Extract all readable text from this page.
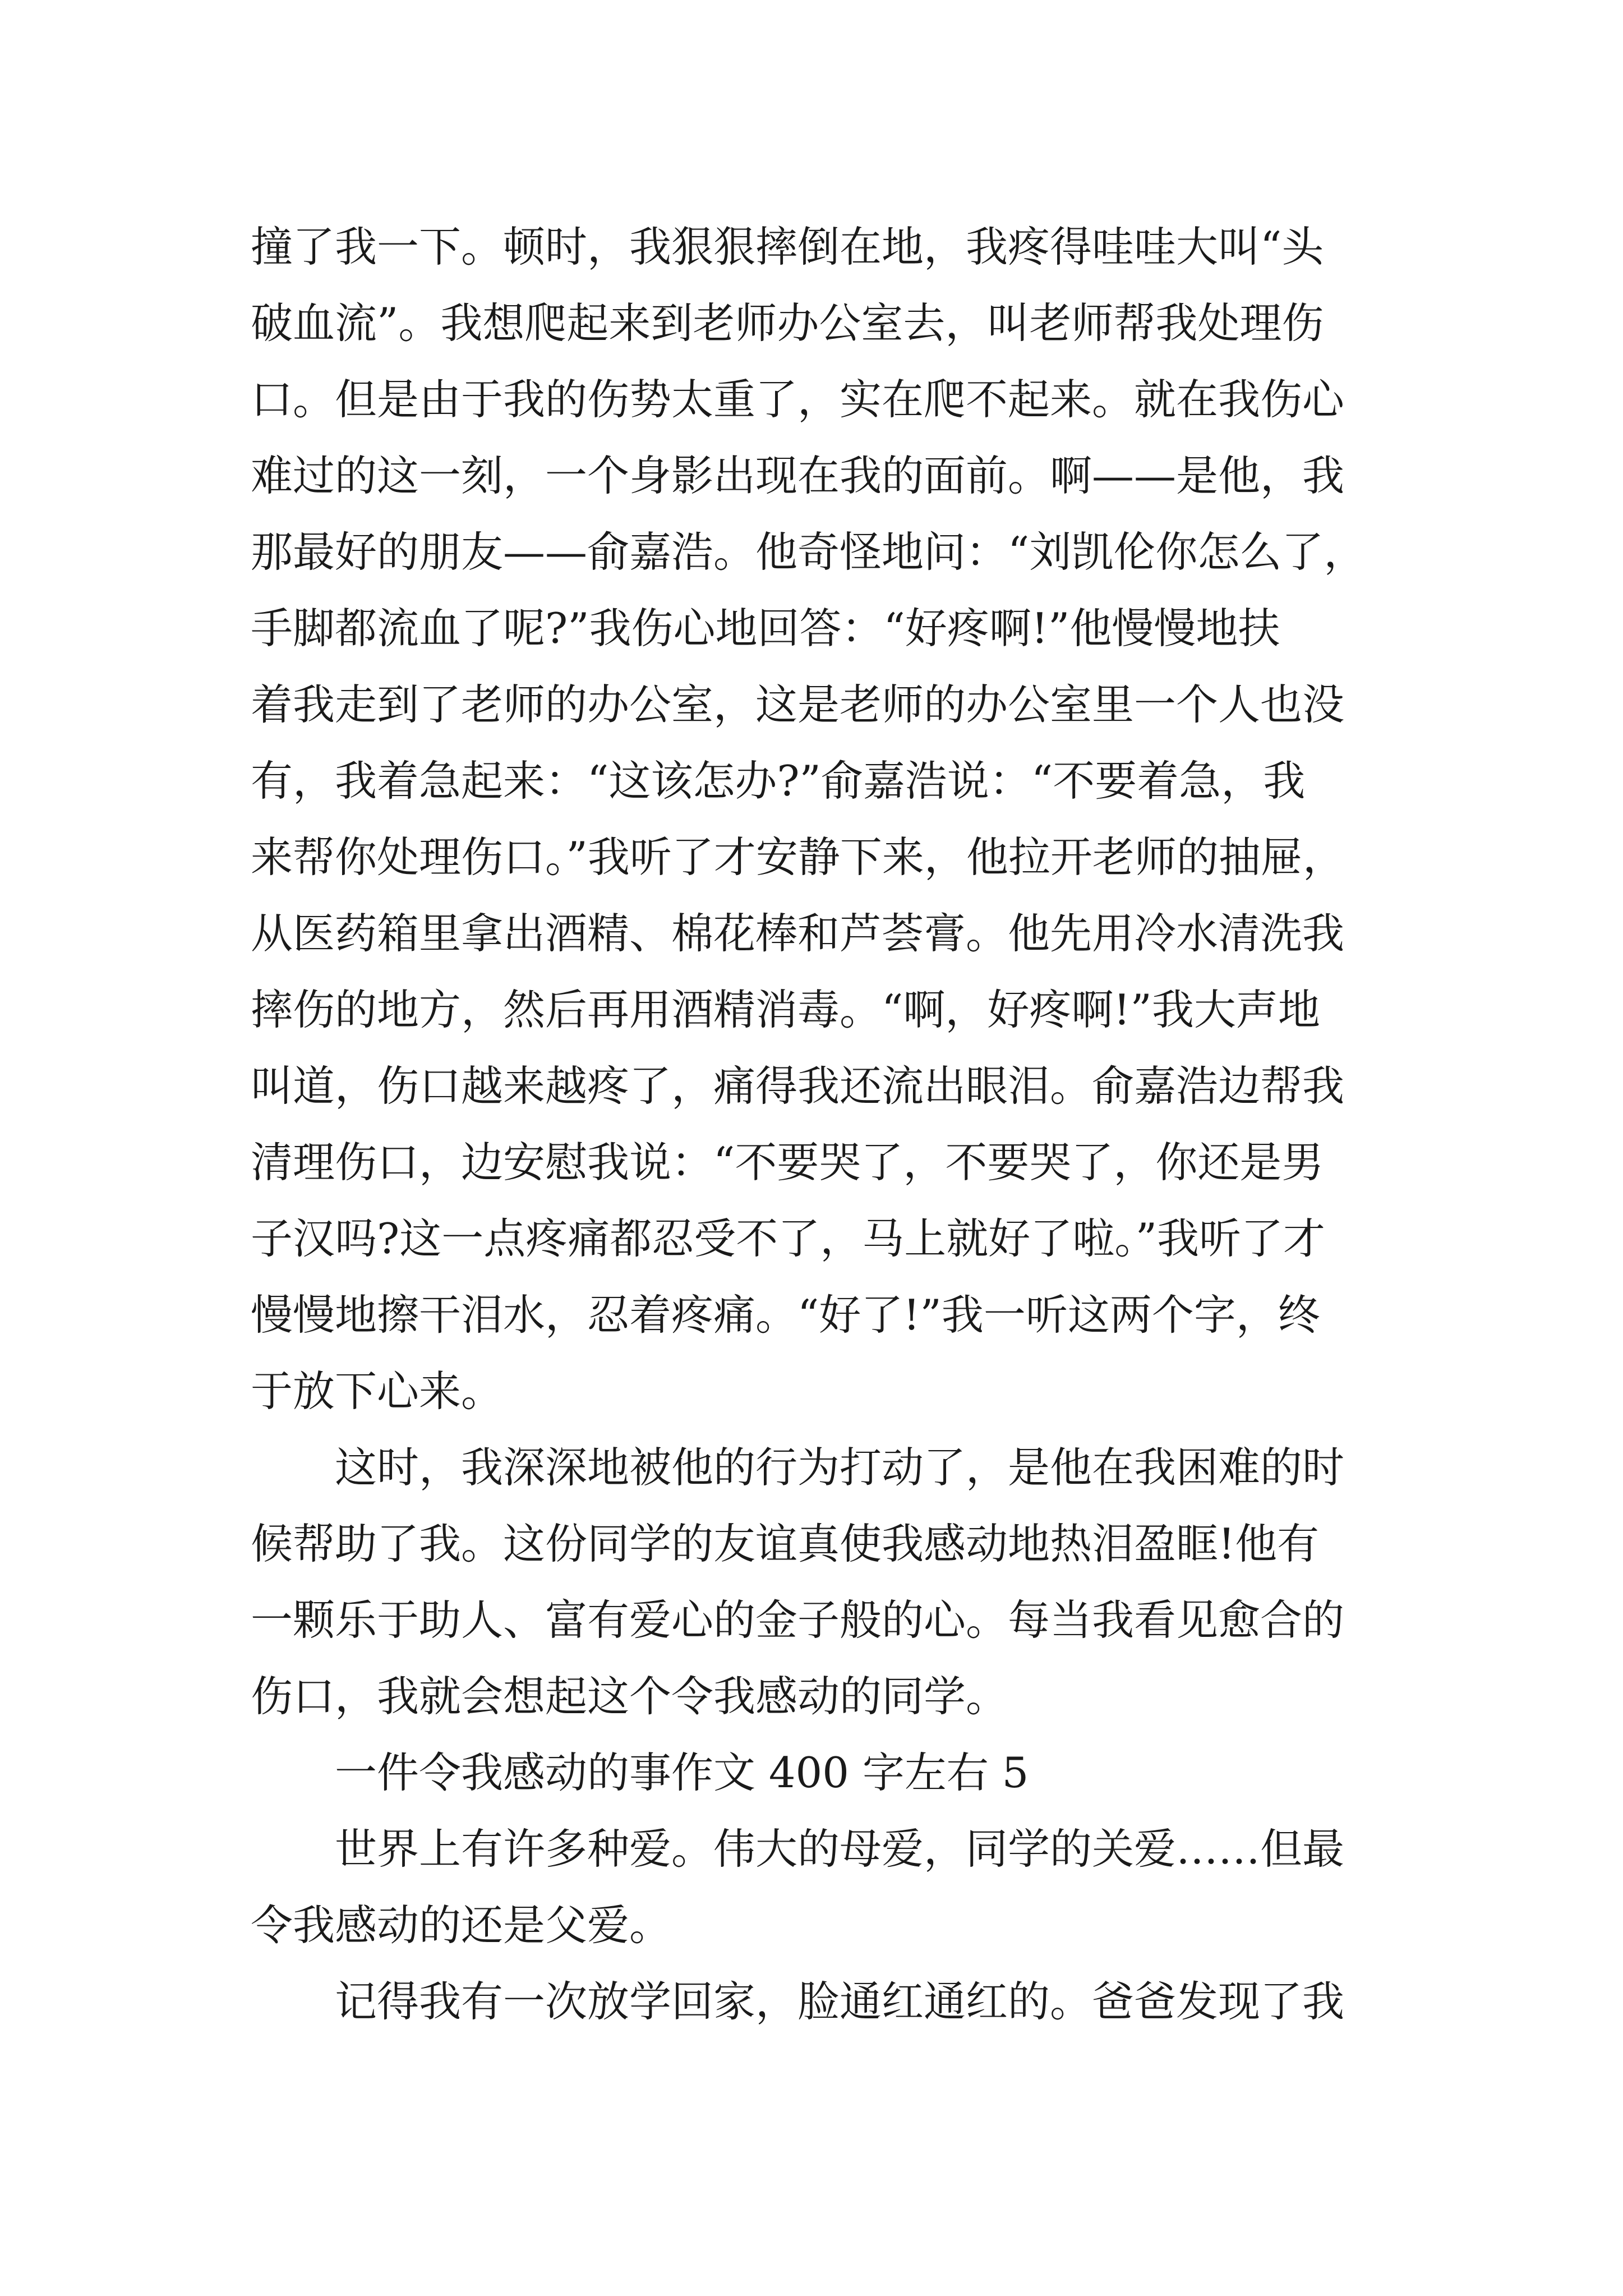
撞了我一下。顿时，我狠狠摔倒在地，我疼得哇哇大叫“头
破血流”。我想爬起来到老师办公室去，叫老师帮我处理伤
口。但是由于我的伤势太重了，实在爬不起来。就在我伤心
难过的这一刻，一个身影出现在我的面前。啊——是他，我
那最好的朋友——俞嘉浩。他奇怪地问：“刘凯伦你怎么了，
手脚都流血了呢?”我伤心地回答：“好疼啊!”他慢慢地扶
着我走到了老师的办公室，这是老师的办公室里一个人也没
有，我着急起来：“这该怎办?”俞嘉浩说：“不要着急，我
来帮你处理伤口。”我听了才安静下来，他拉开老师的抽屉，
从医药箱里拿出酒精、棉花棒和芦荟膏。他先用冷水清洗我
摔伤的地方，然后再用酒精消毒。“啊，好疼啊!”我大声地
叫道，伤口越来越疼了，痛得我还流出眼泪。俞嘉浩边帮我
清理伤口，边安慰我说：“不要哭了，不要哭了，你还是男
子汉吗?这一点疼痛都忍受不了，马上就好了啦。”我听了才
慢慢地擦干泪水，忍着疼痛。“好了!”我一听这两个字，终
于放下心来。
　　这时，我深深地被他的行为打动了，是他在我困难的时
候帮助了我。这份同学的友谊真使我感动地热泪盈眶!他有
一颗乐于助人、富有爱心的金子般的心。每当我看见愈合的
伤口，我就会想起这个令我感动的同学。
　　一件令我感动的事作文 400 字左右 5
　　世界上有许多种爱。伟大的母爱，同学的关爱……但最
令我感动的还是父爱。
　　记得我有一次放学回家，脸通红通红的。爸爸发现了我
